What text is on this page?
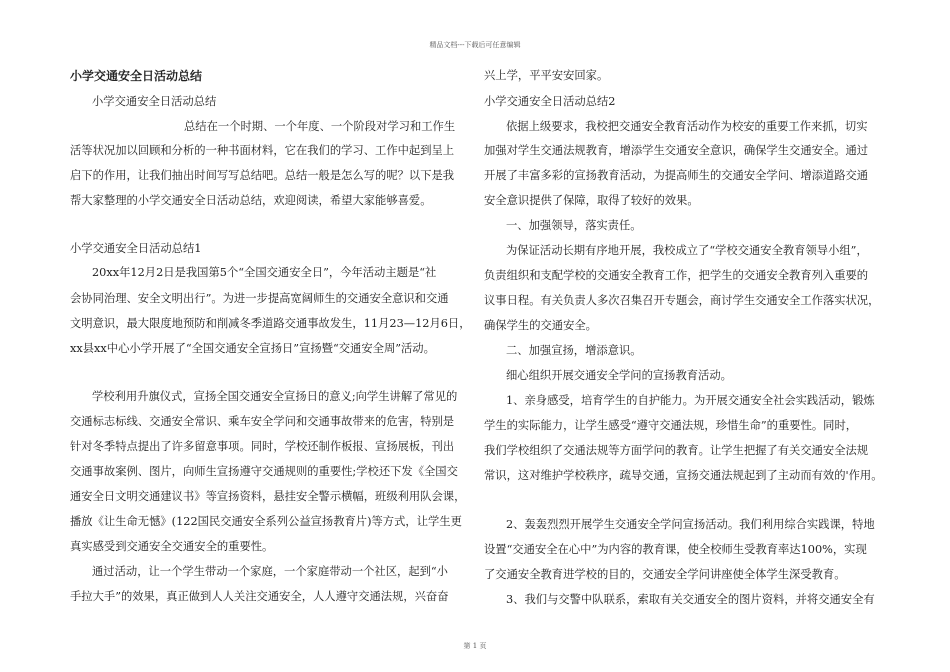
精品文档---下载后可任意编辑
小学交通安全日活动总结
小学交通安全日活动总结
总结在一个时期、一个年度、一个阶段对学习和工作生
活等状况加以回顾和分析的一种书面材料，它在我们的学习、工作中起到呈上
启下的作用，让我们抽出时间写写总结吧。总结一般是怎么写的呢？以下是我
帮大家整理的小学交通安全日活动总结，欢迎阅读，希望大家能够喜爱。
小学交通安全日活动总结1
20xx年12月2日是我国第5个“全国交通安全日”，今年活动主题是“社
会协同治理、安全文明出行”。为进一步提高宽阔师生的交通安全意识和交通
文明意识，最大限度地预防和削减冬季道路交通事故发生，11月23—12月6日，
xx县xx中心小学开展了“全国交通安全宣扬日”宣扬暨“交通安全周”活动。
学校利用升旗仪式，宣扬全国交通安全宣扬日的意义;向学生讲解了常见的
交通标志标线、交通安全常识、乘车安全学问和交通事故带来的危害，特别是
针对冬季特点提出了许多留意事项。同时，学校还制作板报、宣扬展板，刊出
交通事故案例、图片，向师生宣扬遵守交通规则的重要性;学校还下发《全国交
通安全日文明交通建议书》等宣扬资料，悬挂安全警示横幅，班级利用队会课，
播放《让生命无憾》(122国民交通安全系列公益宣扬教育片)等方式，让学生更
真实感受到交通安全交通安全的重要性。
通过活动，让一个学生带动一个家庭，一个家庭带动一个社区，起到“小
手拉大手”的效果，真正做到人人关注交通安全，人人遵守交通法规，兴奋奋
兴上学，平平安安回家。
小学交通安全日活动总结2
依据上级要求，我校把交通安全教育活动作为校安的重要工作来抓，切实
加强对学生交通法规教育，增添学生交通安全意识，确保学生交通安全。通过
开展了丰富多彩的宣扬教育活动，为提高师生的交通安全学问、增添道路交通
安全意识提供了保障，取得了较好的效果。
一、加强领导，落实责任。
为保证活动长期有序地开展，我校成立了“学校交通安全教育领导小组”，
负责组织和支配学校的交通安全教育工作，把学生的交通安全教育列入重要的
议事日程。有关负责人多次召集召开专题会，商讨学生交通安全工作落实状况，
确保学生的交通安全。
二、加强宣扬，增添意识。
细心组织开展交通安全学问的宣扬教育活动。
1、亲身感受，培育学生的自护能力。为开展交通安全社会实践活动，锻炼
学生的实际能力，让学生感受“遵守交通法规，珍惜生命”的重要性。同时，
我们学校组织了交通法规等方面学问的教育。让学生把握了有关交通安全法规
常识，这对维护学校秩序，疏导交通，宣扬交通法规起到了主动而有效的'作用。
2、轰轰烈烈开展学生交通安全学问宣扬活动。我们利用综合实践课，特地
设置“交通安全在心中”为内容的教育课，使全校师生受教育率达100%，实现
了交通安全教育进学校的目的，交通安全学问讲座使全体学生深受教育。
3、我们与交警中队联系，索取有关交通安全的图片资料，并将交通安全有
第 1 页
